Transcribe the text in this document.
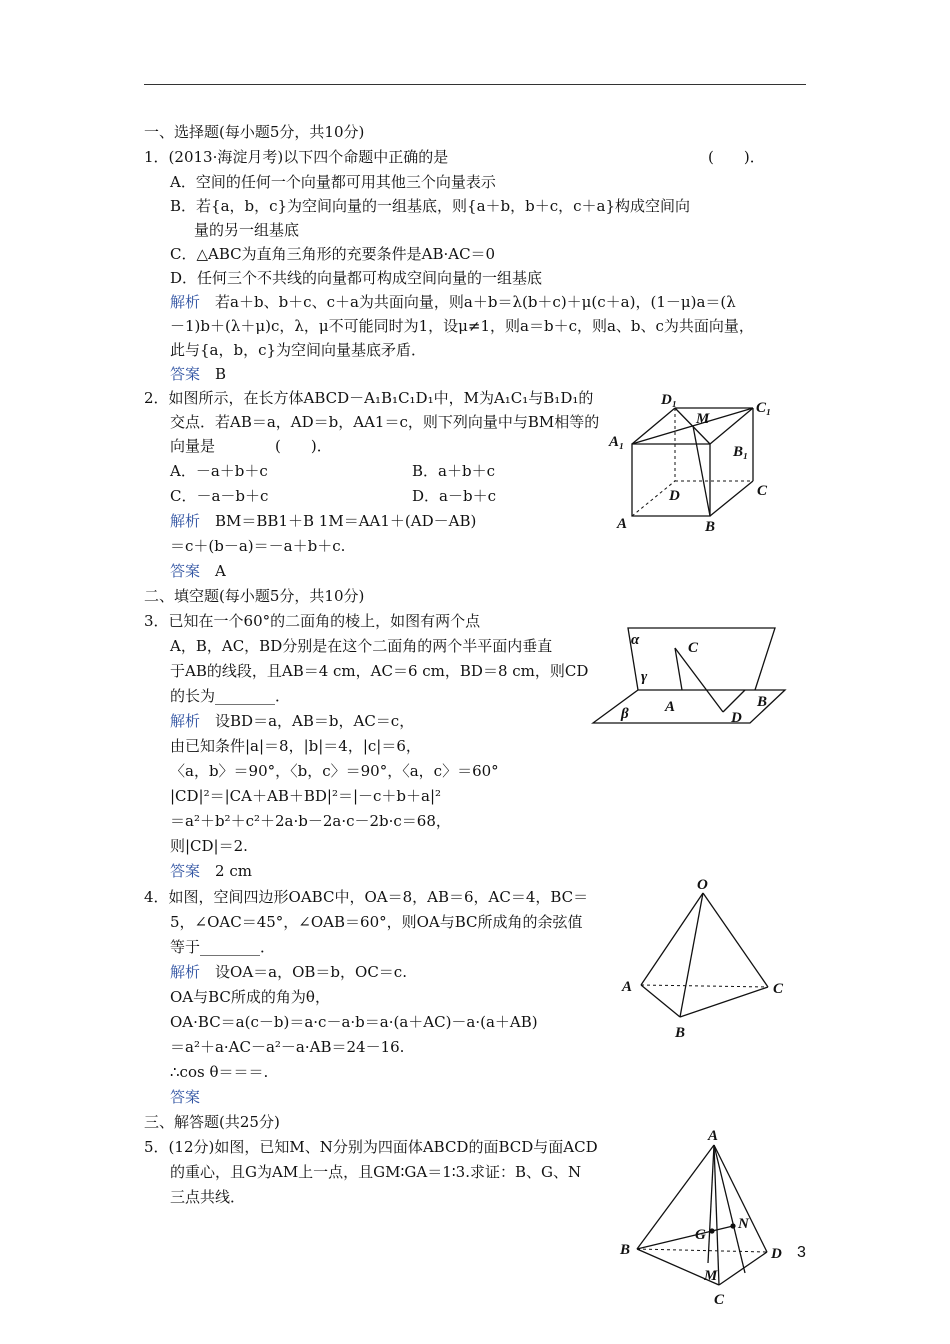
一、选择题(每小题5分，共10分)
1．(2013·海淀月考)以下四个命题中正确的是	(　　)．
A．空间的任何一个向量都可用其他三个向量表示
B．若{a，b，c}为空间向量的一组基底，则{a＋b，b＋c，c＋a}构成空间向
量的另一组基底
C．△ABC为直角三角形的充要条件是AB·AC＝0
D．任何三个不共线的向量都可构成空间向量的一组基底
解析　 若a＋b、b＋c、c＋a为共面向量，则a＋b＝λ(b＋c)＋μ(c＋a)，(1－μ)a＝(λ
－1)b＋(λ＋μ)c，λ，μ不可能同时为1，设μ≠1，则a＝b＋c，则a、b、c为共面向量，
此与{a，b，c}为空间向量基底矛盾．
答案　 B
2．如图所示，在长方体ABCD－A₁B₁C₁D₁中，M为A₁C₁与B₁D₁的
交点．若AB＝a，AD＝b，AA1＝c，则下列向量中与BM相等的
向量是　　　　(　　)．
A．－a＋b＋c	B．a＋b＋c
C．－a－b＋c	D．a－b＋c
解析　 BM＝BB1＋B 1M＝AA1＋(AD－AB)
＝c＋(b－a)＝－a＋b＋c.
答案　 A
二、填空题(每小题5分，共10分)
3．已知在一个60°的二面角的棱上，如图有两个点
A，B，AC，BD分别是在这个二面角的两个半平面内垂直
于AB的线段，且AB＝4 cm，AC＝6 cm，BD＝8 cm，则CD
的长为________．
解析　 设BD＝a，AB＝b，AC＝c，
由已知条件|a|＝8，|b|＝4，|c|＝6，
〈a，b〉＝90°，〈b，c〉＝90°，〈a，c〉＝60°
|CD|²＝|CA＋AB＋BD|²＝|－c＋b＋a|²
＝a²＋b²＋c²＋2a·b－2a·c－2b·c＝68，
则|CD|＝2.
答案　 2 cm
4．如图，空间四边形OABC中，OA＝8，AB＝6，AC＝4，BC＝
5，∠OAC＝45°，∠OAB＝60°，则OA与BC所成角的余弦值
等于________．
解析　 设OA＝a，OB＝b，OC＝c.
OA与BC所成的角为θ，
OA·BC＝a(c－b)＝a·c－a·b＝a·(a＋AC)－a·(a＋AB)
＝a²＋a·AC－a²－a·AB＝24－16.
∴cos θ＝＝＝.
答案
三、解答题(共25分)
5．(12分)如图，已知M、N分别为四面体ABCD的面BCD与面ACD
的重心，且G为AM上一点，且GM∶GA＝1∶3.求证：B、G、N
三点共线．
D₁
M
C₁
A₁
B₁
D	C
A	B
α	C
γ
β A
D
B
O
A	C
B
A
G
N
B	D
M
C
3
